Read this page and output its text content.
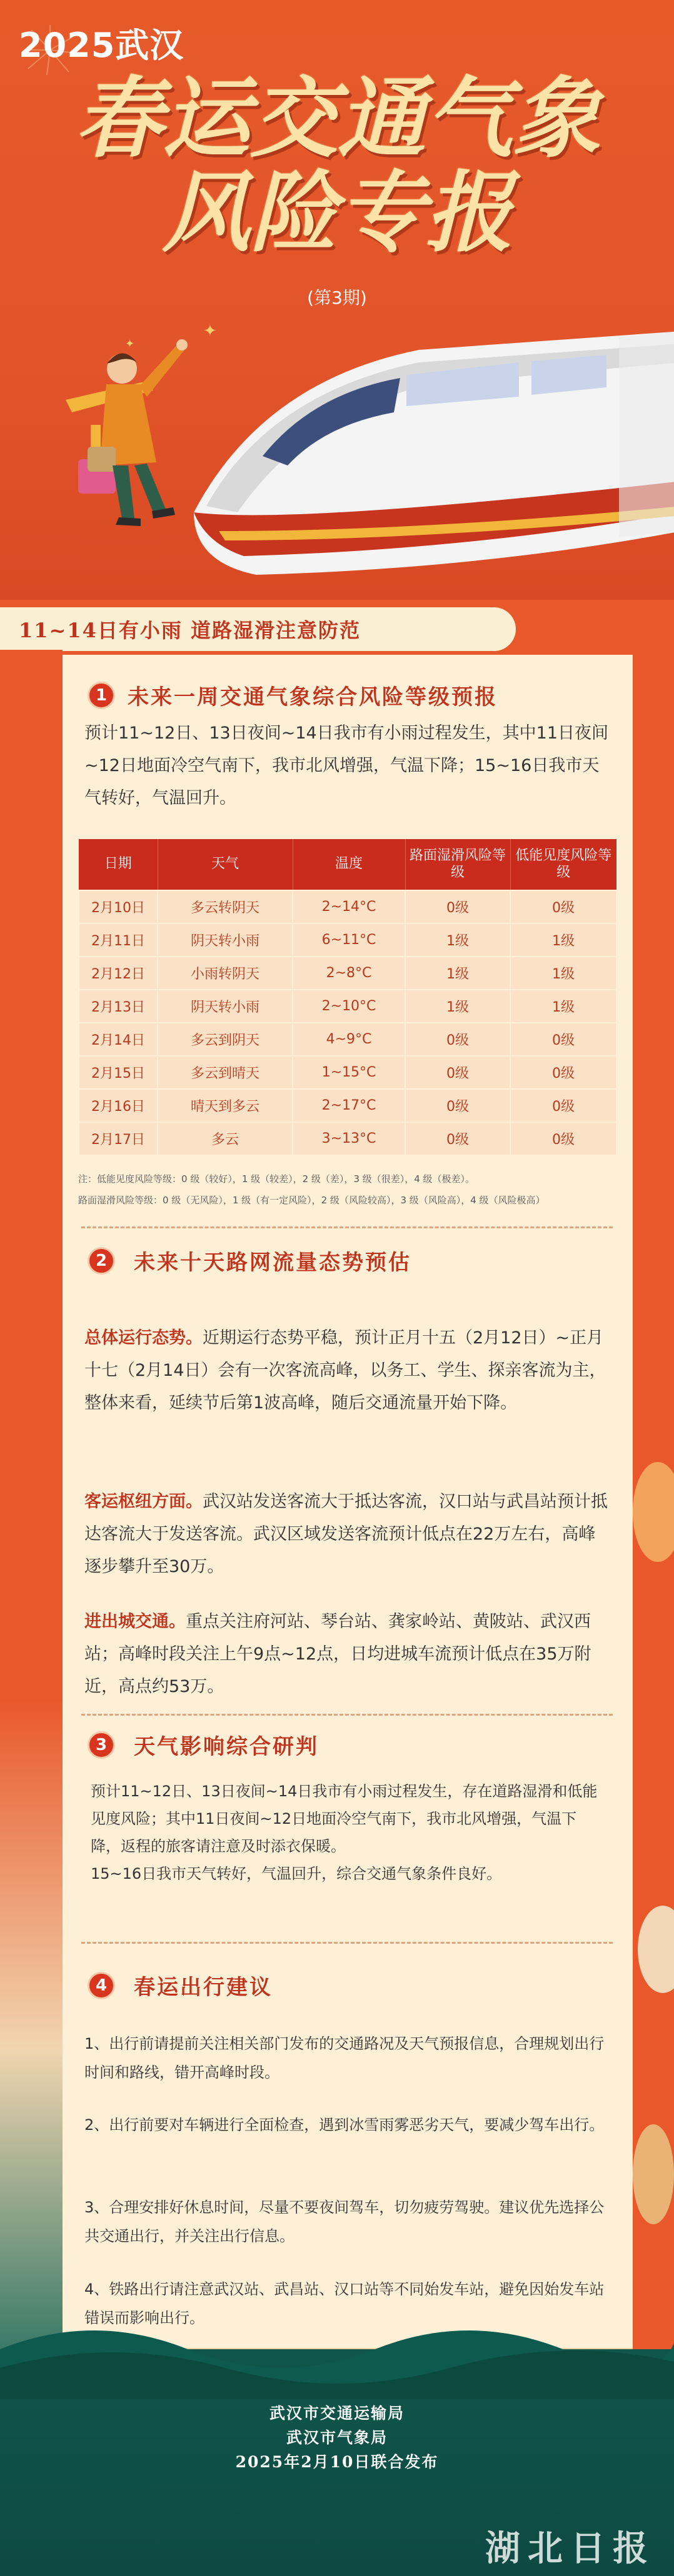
2025武汉
春运交通气象
风险专报
(第3期)
✦
✦
11~14日有小雨 道路湿滑注意防范
1 未来一周交通气象综合风险等级预报
预计11~12日、13日夜间~14日我市有小雨过程发生，其中11日夜间~12日地面冷空气南下，我市北风增强，气温下降；15~16日我市天气转好，气温回升。
日期	天气	温度	路面湿滑风险等级	低能见度风险等级
2月10日	多云转阴天	2~14°C	0级	0级
2月11日	阴天转小雨	6~11°C	1级	1级
2月12日	小雨转阴天	2~8°C	1级	1级
2月13日	阴天转小雨	2~10°C	1级	1级
2月14日	多云到阴天	4~9°C	0级	0级
2月15日	多云到晴天	1~15°C	0级	0级
2月16日	晴天到多云	2~17°C	0级	0级
2月17日	多云	3~13°C	0级	0级
注：低能见度风险等级：0 级（较好），1 级（较差），2 级（差），3 级（很差），4 级（极差）。
路面湿滑风险等级：0 级（无风险），1 级（有一定风险），2 级（风险较高），3 级（风险高），4 级（风险极高）
2	未来十天路网流量态势预估
总体运行态势。近期运行态势平稳，预计正月十五（2月12日）~正月十七（2月14日）会有一次客流高峰，以务工、学生、探亲客流为主，整体来看，延续节后第1波高峰，随后交通流量开始下降。
客运枢纽方面。武汉站发送客流大于抵达客流，汉口站与武昌站预计抵达客流大于发送客流。武汉区域发送客流预计低点在22万左右，高峰逐步攀升至30万。
进出城交通。重点关注府河站、琴台站、龚家岭站、黄陂站、武汉西站；高峰时段关注上午9点~12点，日均进城车流预计低点在35万附近，高点约53万。
3	天气影响综合研判
预计11~12日、13日夜间~14日我市有小雨过程发生，存在道路湿滑和低能见度风险；其中11日夜间~12日地面冷空气南下，我市北风增强，气温下降，返程的旅客请注意及时添衣保暖。
15~16日我市天气转好，气温回升，综合交通气象条件良好。
4	春运出行建议
1、出行前请提前关注相关部门发布的交通路况及天气预报信息，合理规划出行时间和路线，错开高峰时段。
2、出行前要对车辆进行全面检查，遇到冰雪雨雾恶劣天气，要减少驾车出行。
3、合理安排好休息时间，尽量不要夜间驾车，切勿疲劳驾驶。建议优先选择公共交通出行，并关注出行信息。
4、铁路出行请注意武汉站、武昌站、汉口站等不同始发车站，避免因始发车站错误而影响出行。
武汉市交通运输局
武汉市气象局
2025年2月10日联合发布
湖北日报
